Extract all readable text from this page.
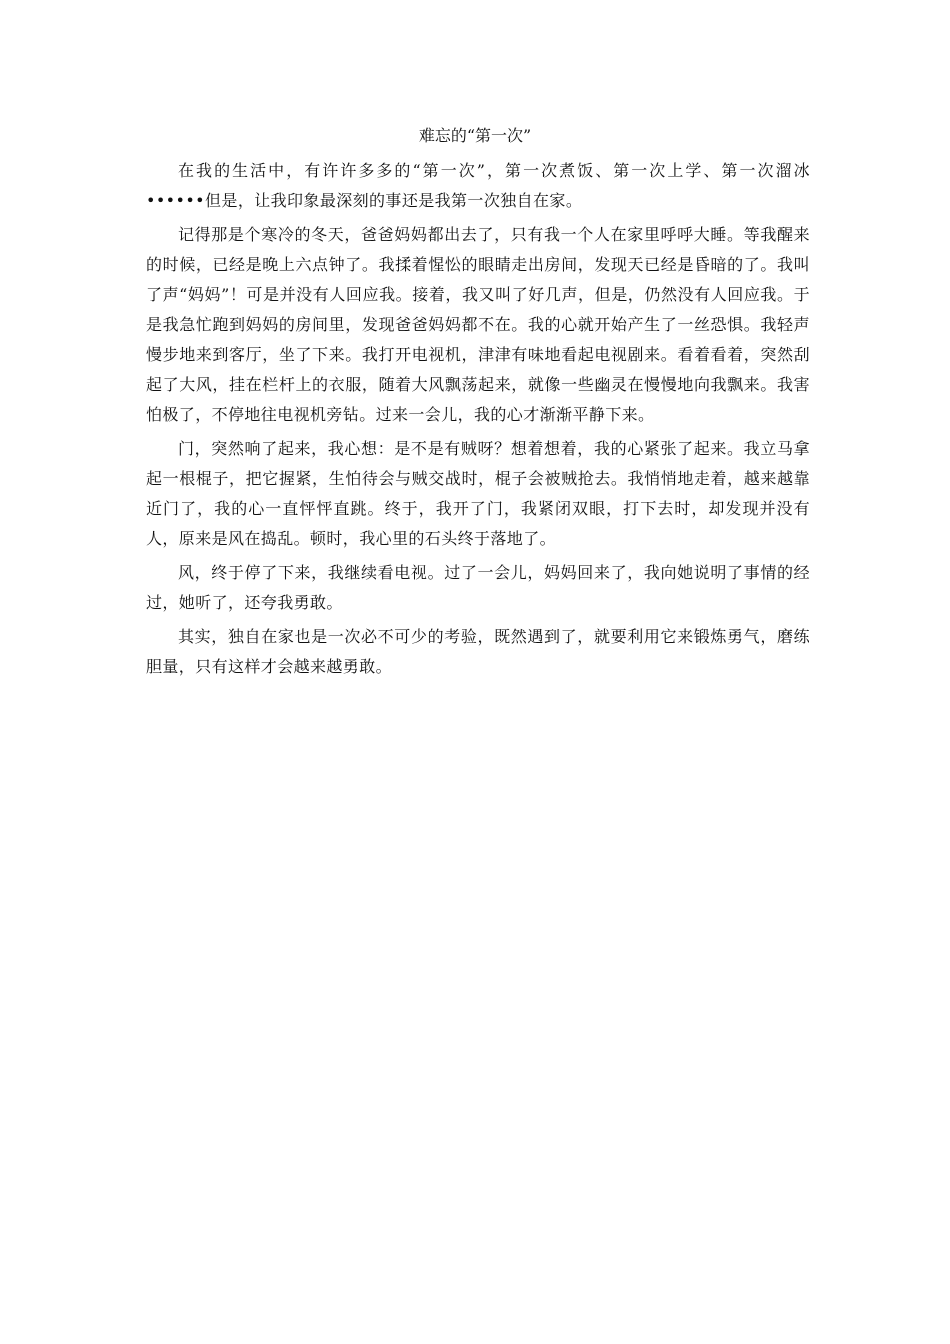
难忘的“第一次”

在我的生活中，有许许多多的“第一次”，第一次煮饭、第一次上学、第一次溜冰••••••但是，让我印象最深刻的事还是我第一次独自在家。

记得那是个寒冷的冬天，爸爸妈妈都出去了，只有我一个人在家里呼呼大睡。等我醒来的时候，已经是晚上六点钟了。我揉着惺忪的眼睛走出房间，发现天已经是昏暗的了。我叫了声“妈妈”！可是并没有人回应我。接着，我又叫了好几声，但是，仍然没有人回应我。于是我急忙跑到妈妈的房间里，发现爸爸妈妈都不在。我的心就开始产生了一丝恐惧。我轻声慢步地来到客厅，坐了下来。我打开电视机，津津有味地看起电视剧来。看着看着，突然刮起了大风，挂在栏杆上的衣服，随着大风飘荡起来，就像一些幽灵在慢慢地向我飘来。我害怕极了，不停地往电视机旁钻。过来一会儿，我的心才渐渐平静下来。

门，突然响了起来，我心想：是不是有贼呀？想着想着，我的心紧张了起来。我立马拿起一根棍子，把它握紧，生怕待会与贼交战时，棍子会被贼抢去。我悄悄地走着，越来越靠近门了，我的心一直怦怦直跳。终于，我开了门，我紧闭双眼，打下去时，却发现并没有人，原来是风在捣乱。顿时，我心里的石头终于落地了。

风，终于停了下来，我继续看电视。过了一会儿，妈妈回来了，我向她说明了事情的经过，她听了，还夸我勇敢。

其实，独自在家也是一次必不可少的考验，既然遇到了，就要利用它来锻炼勇气，磨练胆量，只有这样才会越来越勇敢。
